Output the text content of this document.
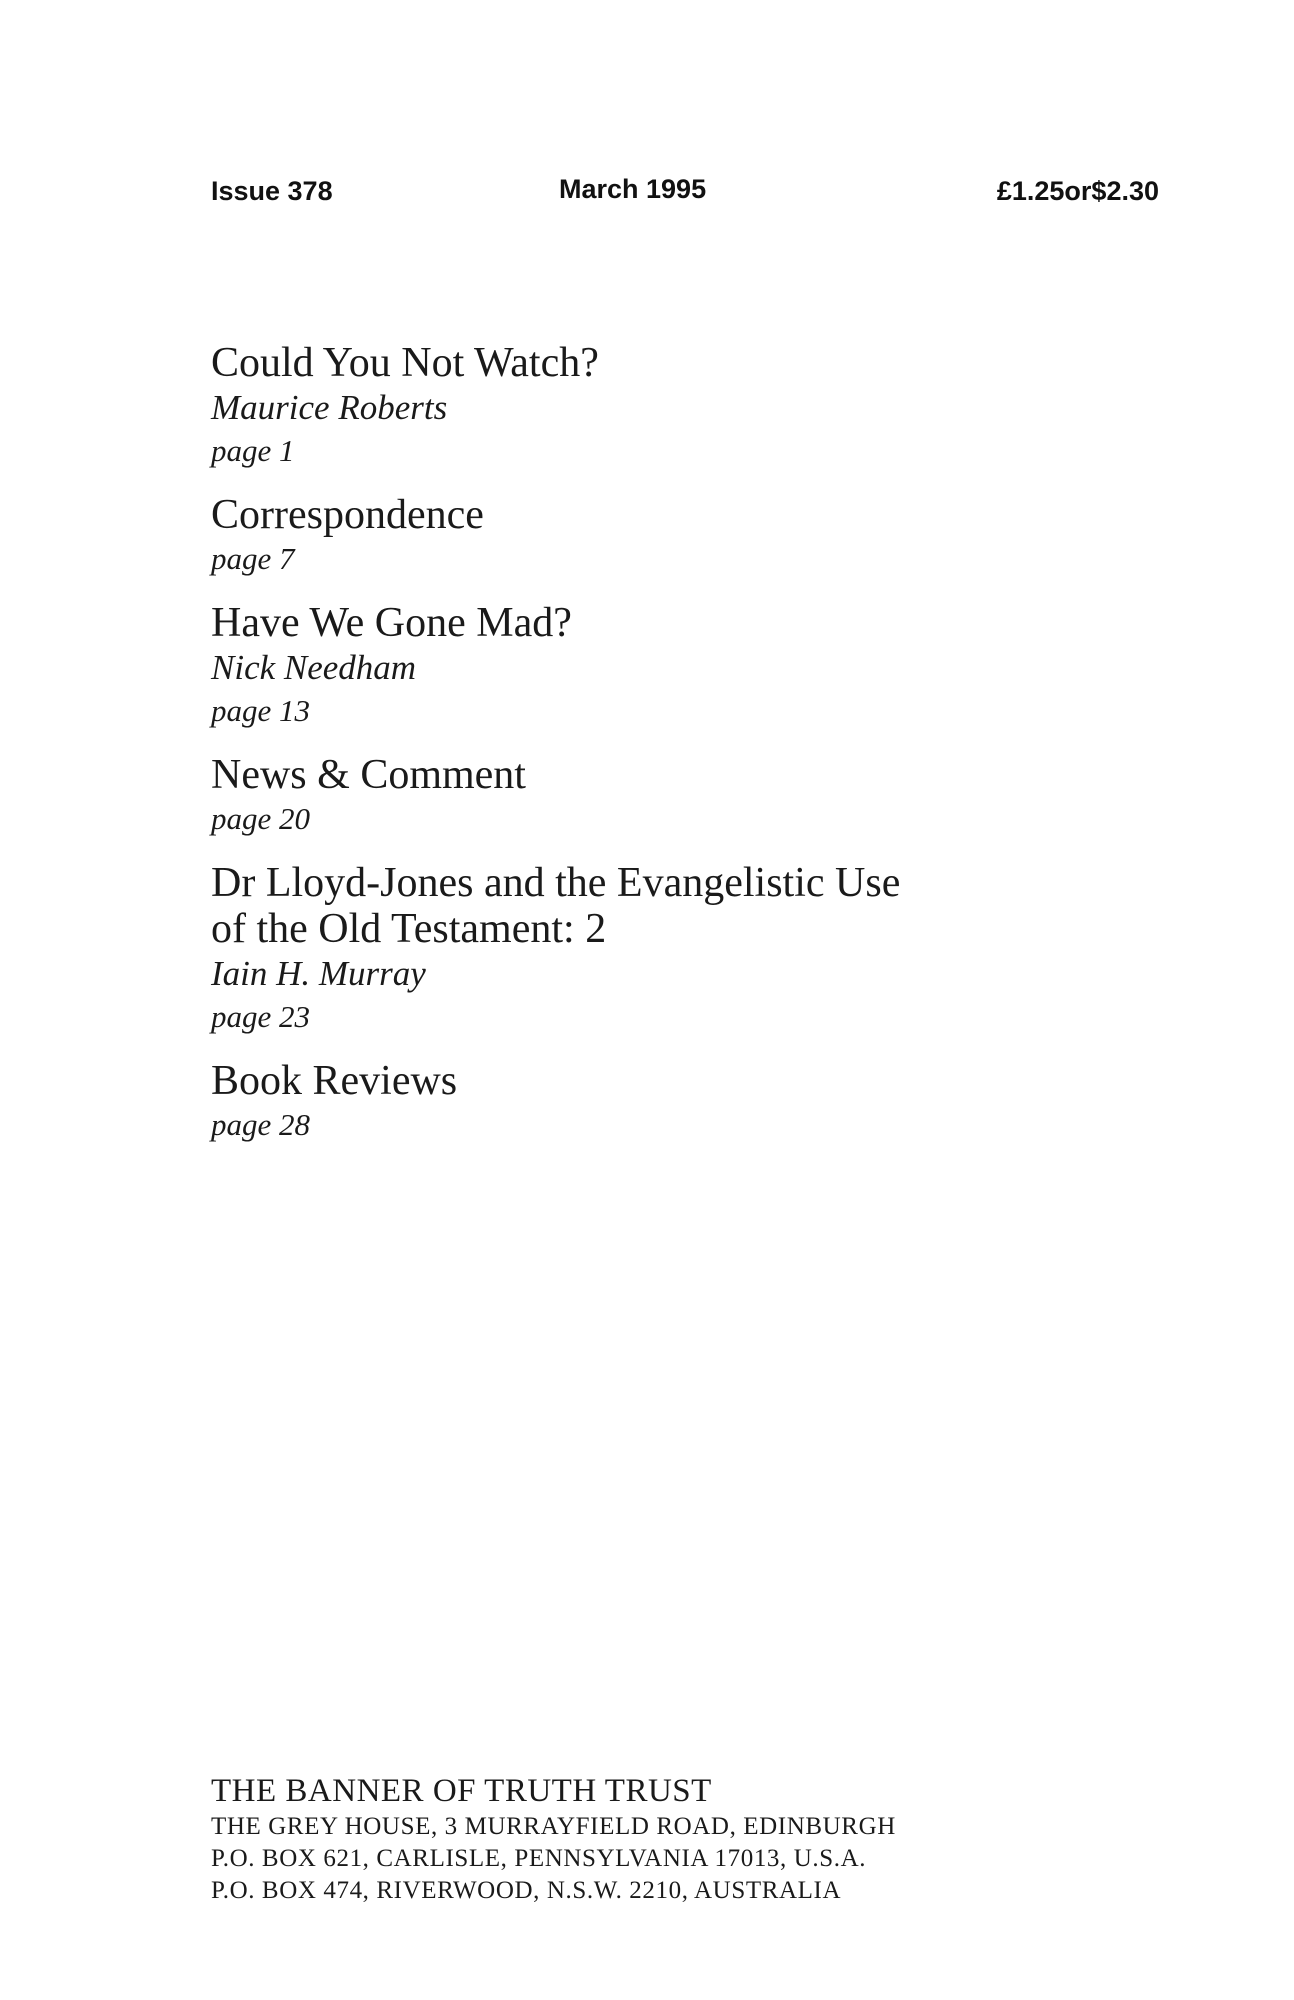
Issue 378	March 1995	£1.25
or
$2.30
Could You Not Watch?
Maurice Roberts
page 1
Correspondence
page 7
Have We Gone Mad?
Nick Needham
page 13
News & Comment
page 20
Dr Lloyd-Jones and the Evangelistic Use of the Old Testament: 2
Iain H. Murray
page 23
Book Reviews
page 28
THE BANNER OF TRUTH TRUST
THE GREY HOUSE, 3 MURRAYFIELD ROAD, EDINBURGH
P.O. BOX 621, CARLISLE, PENNSYLVANIA 17013, U.S.A.
P.O. BOX 474, RIVERWOOD, N.S.W. 2210, AUSTRALIA
